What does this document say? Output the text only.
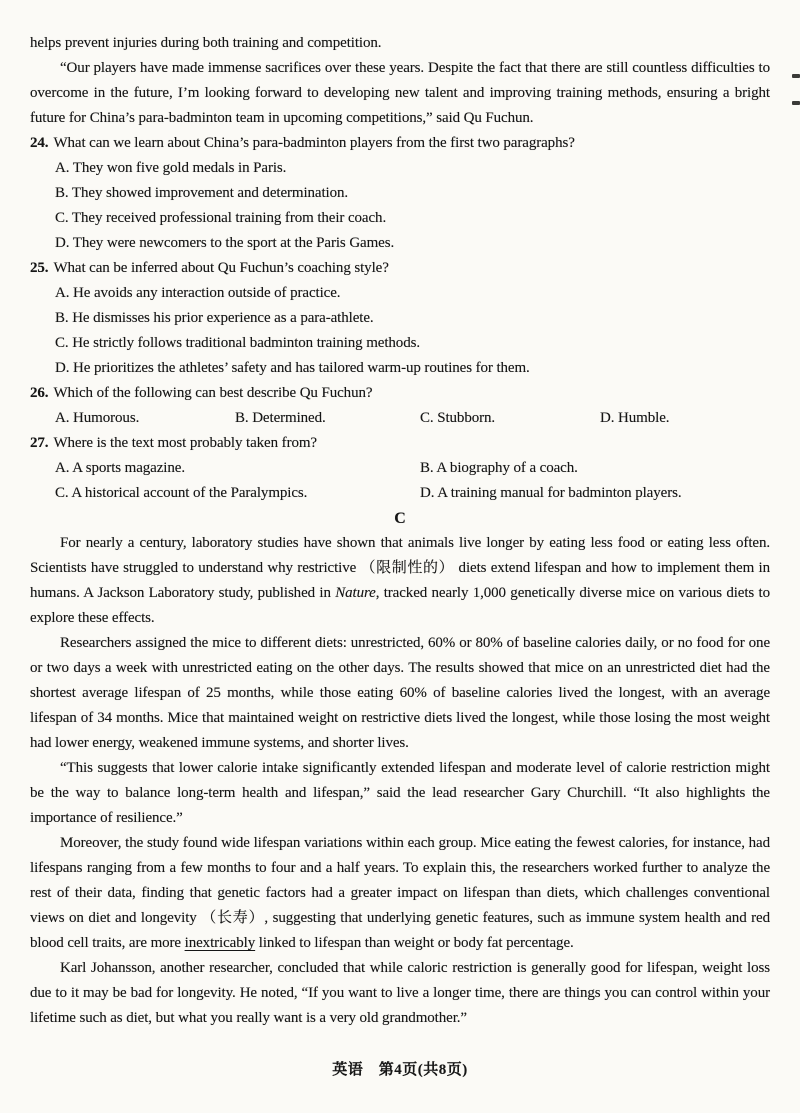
helps prevent injuries during both training and competition.

“Our players have made immense sacrifices over these years. Despite the fact that there are still countless difficulties to overcome in the future, I’m looking forward to developing new talent and improving training methods, ensuring a bright future for China’s para-badminton team in upcoming competitions,” said Qu Fuchun.

24. What can we learn about China’s para-badminton players from the first two paragraphs?

A. They won five gold medals in Paris.

B. They showed improvement and determination.

C. They received professional training from their coach.

D. They were newcomers to the sport at the Paris Games.

25. What can be inferred about Qu Fuchun’s coaching style?

A. He avoids any interaction outside of practice.

B. He dismisses his prior experience as a para-athlete.

C. He strictly follows traditional badminton training methods.

D. He prioritizes the athletes’ safety and has tailored warm-up routines for them.

26. Which of the following can best describe Qu Fuchun?

A. Humorous.	B. Determined.	C. Stubborn.	D. Humble.

27. Where is the text most probably taken from?

A. A sports magazine.	B. A biography of a coach.
C. A historical account of the Paralympics.	D. A training manual for badminton players.

C

For nearly a century, laboratory studies have shown that animals live longer by eating less food or eating less often. Scientists have struggled to understand why restrictive （限制性的） diets extend lifespan and how to implement them in humans. A Jackson Laboratory study, published in Nature, tracked nearly 1,000 genetically diverse mice on various diets to explore these effects.

Researchers assigned the mice to different diets: unrestricted, 60% or 80% of baseline calories daily, or no food for one or two days a week with unrestricted eating on the other days. The results showed that mice on an unrestricted diet had the shortest average lifespan of 25 months, while those eating 60% of baseline calories lived the longest, with an average lifespan of 34 months. Mice that maintained weight on restrictive diets lived the longest, while those losing the most weight had lower energy, weakened immune systems, and shorter lives.

“This suggests that lower calorie intake significantly extended lifespan and moderate level of calorie restriction might be the way to balance long-term health and lifespan,” said the lead researcher Gary Churchill. “It also highlights the importance of resilience.”

Moreover, the study found wide lifespan variations within each group. Mice eating the fewest calories, for instance, had lifespans ranging from a few months to four and a half years. To explain this, the researchers worked further to analyze the rest of their data, finding that genetic factors had a greater impact on lifespan than diets, which challenges conventional views on diet and longevity （长寿）, suggesting that underlying genetic features, such as immune system health and red blood cell traits, are more inextricably linked to lifespan than weight or body fat percentage.

Karl Johansson, another researcher, concluded that while caloric restriction is generally good for lifespan, weight loss due to it may be bad for longevity. He noted, “If you want to live a longer time, there are things you can control within your lifetime such as diet, but what you really want is a very old grandmother.”

英语　第4页(共8页)
